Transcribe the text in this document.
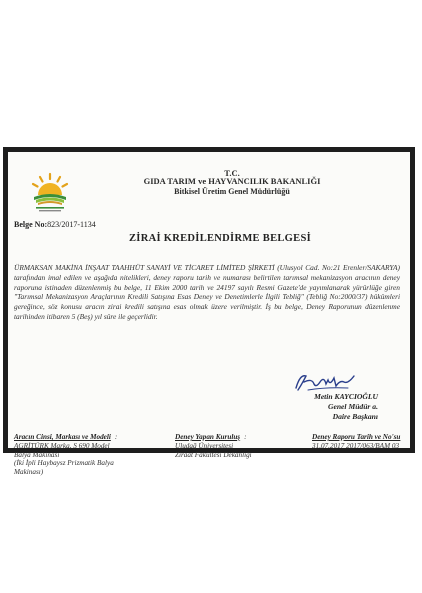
T.C.
GIDA TARIM ve HAYVANCILIK BAKANLIĞI
Bitkisel Üretim Genel Müdürlüğü
Belge No:823/2017-1134
ZİRAİ KREDİLENDİRME BELGESİ
ÜRMAKSAN MAKİNA İNŞAAT TAAHHÜT SANAYİ VE TİCARET LİMİTED ŞİRKETİ (Ulusyol Cad. No:21 Erenler/SAKARYA) tarafından imal edilen ve aşağıda nitelikleri, deney raporu tarih ve numarası belirtilen tarımsal mekanizasyon aracının deney raporuna istinaden düzenlenmiş bu belge, 11 Ekim 2000 tarih ve 24197 sayılı Resmi Gazete'de yayımlanarak yürürlüğe giren "Tarımsal Mekanizasyon Araçlarının Kredili Satışına Esas Deney ve Denetimlerle İlgili Tebliğ" (Tebliğ No:2000/37) hükümleri gereğince, söz konusu aracın zirai kredili satışına esas olmak üzere verilmiştir. İş bu belge, Deney Raporunun düzenlenme tarihinden itibaren 5 (Beş) yıl süre ile geçerlidir.
Metin KAYCIOĞLU
Genel Müdür a.
Daire Başkanı
Aracın Cinsi, Markası ve Modeli :
AGRİTÜRK Marka, S 690 Model
Balya Makinası
(İki İpli Haybaysz Prizmatik Balya
Makinası)
Deney Yapan Kuruluş :
Uludağ Üniversitesi
Ziraat Fakültesi Dekanlığı
Deney Raporu Tarih ve No'su
31.07.2017 2017/063/BAM 03
